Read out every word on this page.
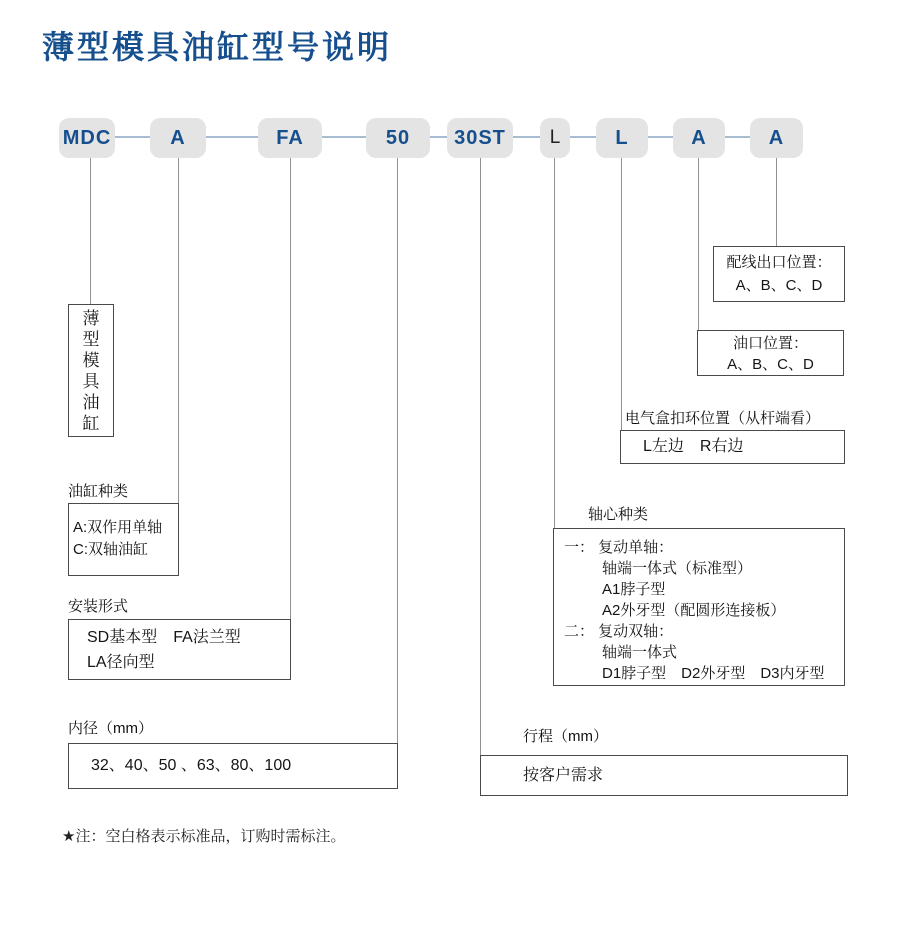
薄型模具油缸型号说明
MDC	A	FA	50	30ST	L	L	A	A
薄
型
模
具
油
缸
油缸种类
A:双作用单轴
C:双轴油缸
安装形式
SD基本型　FA法兰型
LA径向型
内径（mm）
32、40、50 、63、80、100
行程（mm）
按客户需求
轴心种类
一： 复动单轴：
轴端一体式（标准型）
A1脖子型
A2外牙型（配圆形连接板）
二： 复动双轴：
轴端一体式
D1脖子型　D2外牙型　D3内牙型
电气盒扣环位置（从杆端看）
L左边　R右边
油口位置：
A、B、C、D
配线出口位置：
A、B、C、D
★注：空白格表示标准品，订购时需标注。
